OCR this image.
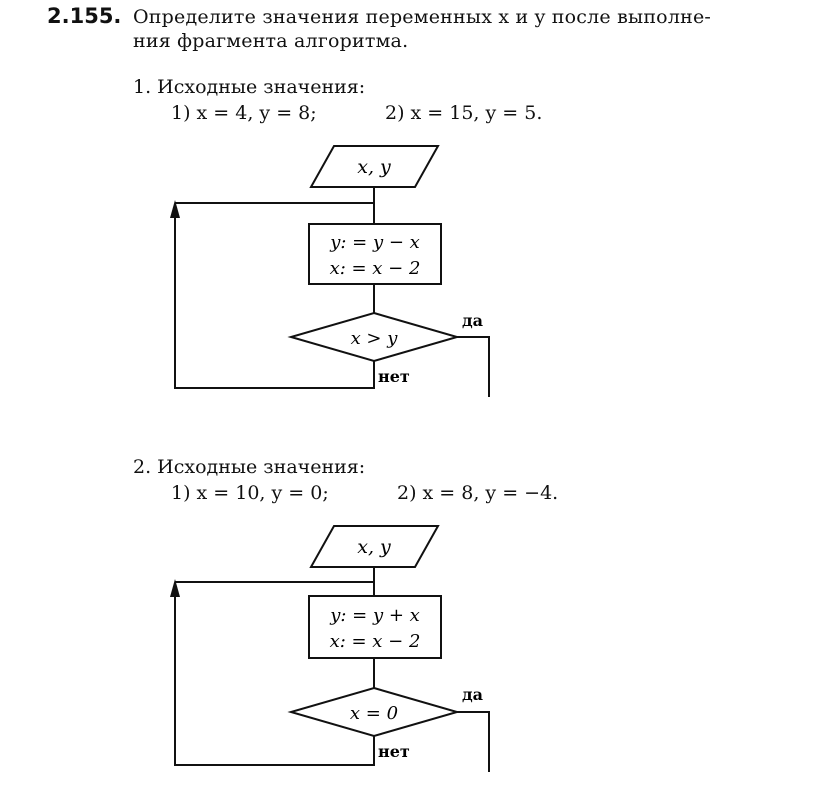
2.155. Определите значения переменных x и y после выполне-
ния фрагмента алгоритма.
1. Исходные значения:
1) x = 4, y = 8;	2) x = 15, y = 5.
2. Исходные значения:
1) x = 10, y = 0;	2) x = 8, y = −4.
x, y
y: = y − x
x: = x − 2
x > y
да
нет
x, y
y: = y + x
x: = x − 2
x = 0
да
нет
